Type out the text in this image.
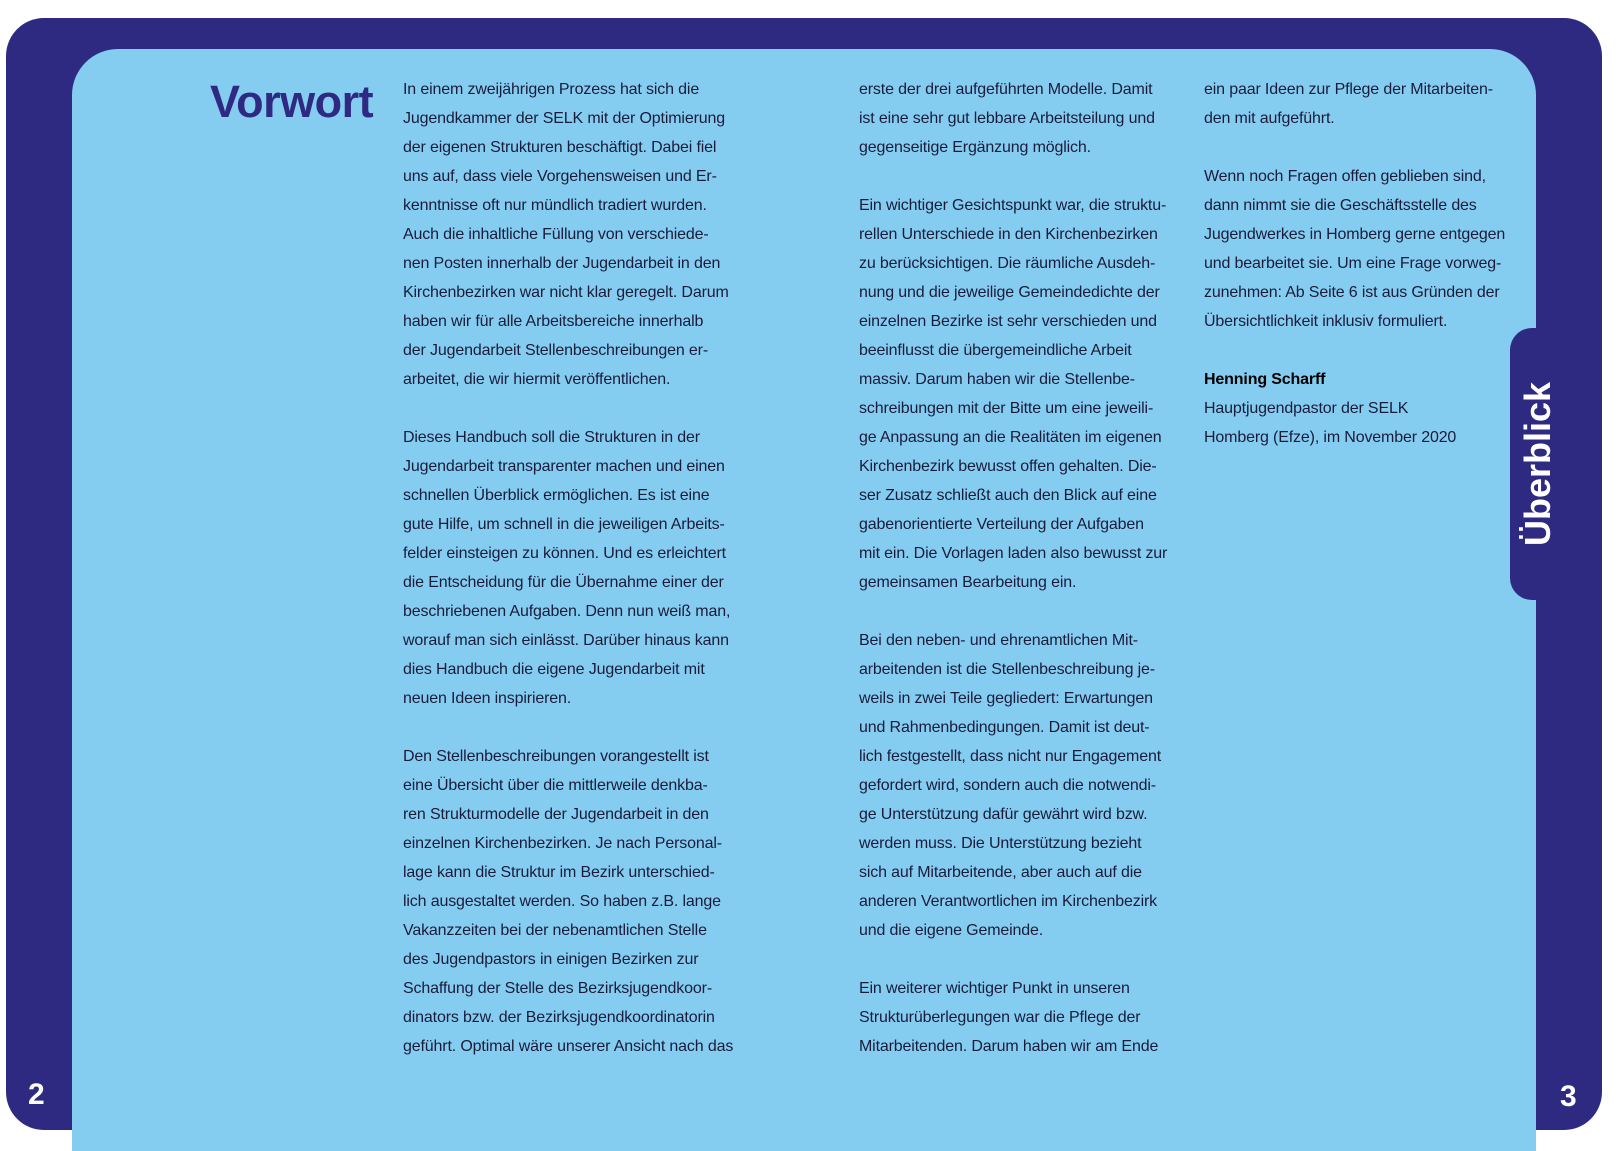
Vorwort In einem zweijährigen Prozess hat sich die
Jugendkammer der SELK mit der Optimierung
der eigenen Strukturen beschäftigt. Dabei fiel
uns auf, dass viele Vorgehensweisen und Er-
kenntnisse oft nur mündlich tradiert wurden.
Auch die inhaltliche Füllung von verschiede-
nen Posten innerhalb der Jugendarbeit in den
Kirchenbezirken war nicht klar geregelt. Darum
haben wir für alle Arbeitsbereiche innerhalb
der Jugendarbeit Stellenbeschreibungen er-
arbeitet, die wir hiermit veröffentlichen.

Dieses Handbuch soll die Strukturen in der
Jugendarbeit transparenter machen und einen
schnellen Überblick ermöglichen. Es ist eine
gute Hilfe, um schnell in die jeweiligen Arbeits-
felder einsteigen zu können. Und es erleichtert
die Entscheidung für die Übernahme einer der
beschriebenen Aufgaben. Denn nun weiß man,
worauf man sich einlässt. Darüber hinaus kann
dies Handbuch die eigene Jugendarbeit mit
neuen Ideen inspirieren.

Den Stellenbeschreibungen vorangestellt ist
eine Übersicht über die mittlerweile denkba-
ren Strukturmodelle der Jugendarbeit in den
einzelnen Kirchenbezirken. Je nach Personal-
lage kann die Struktur im Bezirk unterschied-
lich ausgestaltet werden. So haben z.B. lange
Vakanzzeiten bei der nebenamtlichen Stelle
des Jugendpastors in einigen Bezirken zur
Schaffung der Stelle des Bezirksjugendkoor-
dinators bzw. der Bezirksjugendkoordinatorin
geführt. Optimal wäre unserer Ansicht nach das

erste der drei aufgeführten Modelle. Damit
ist eine sehr gut lebbare Arbeitsteilung und
gegenseitige Ergänzung möglich.

Ein wichtiger Gesichtspunkt war, die struktu-
rellen Unterschiede in den Kirchenbezirken
zu berücksichtigen. Die räumliche Ausdeh-
nung und die jeweilige Gemeindedichte der
einzelnen Bezirke ist sehr verschieden und
beeinflusst die übergemeindliche Arbeit
massiv. Darum haben wir die Stellenbe-
schreibungen mit der Bitte um eine jeweili-
ge Anpassung an die Realitäten im eigenen
Kirchenbezirk bewusst offen gehalten. Die-
ser Zusatz schließt auch den Blick auf eine
gabenorientierte Verteilung der Aufgaben
mit ein. Die Vorlagen laden also bewusst zur
gemeinsamen Bearbeitung ein.

Bei den neben- und ehrenamtlichen Mit-
arbeitenden ist die Stellenbeschreibung je-
weils in zwei Teile gegliedert: Erwartungen
und Rahmenbedingungen. Damit ist deut-
lich festgestellt, dass nicht nur Engagement
gefordert wird, sondern auch die notwendi-
ge Unterstützung dafür gewährt wird bzw.
werden muss. Die Unterstützung bezieht
sich auf Mitarbeitende, aber auch auf die
anderen Verantwortlichen im Kirchenbezirk
und die eigene Gemeinde.

Ein weiterer wichtiger Punkt in unseren
Strukturüberlegungen war die Pflege der
Mitarbeitenden. Darum haben wir am Ende

ein paar Ideen zur Pflege der Mitarbeiten-
den mit aufgeführt.

Wenn noch Fragen offen geblieben sind,
dann nimmt sie die Geschäftsstelle des
Jugendwerkes in Homberg gerne entgegen
und bearbeitet sie. Um eine Frage vorweg-
zunehmen: Ab Seite 6 ist aus Gründen der
Übersichtlichkeit inklusiv formuliert.

Henning Scharff
Hauptjugendpastor der SELK
Homberg (Efze), im November 2020	Überblick
2	3
